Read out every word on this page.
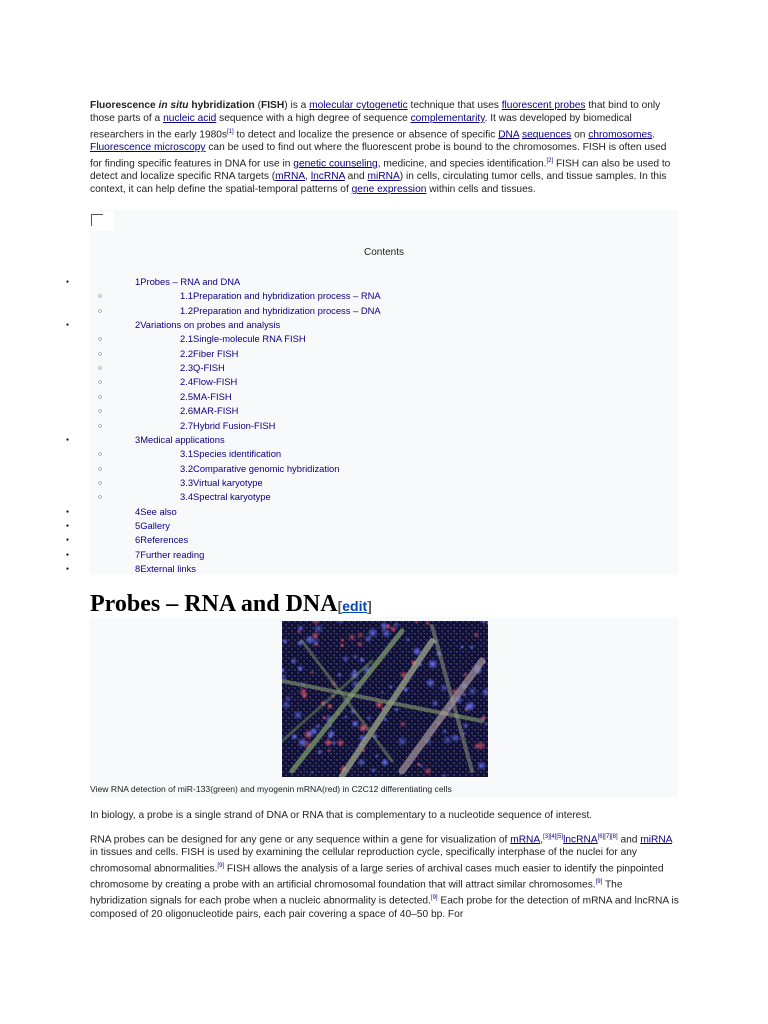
Fluorescence in situ hybridization (FISH) is a molecular cytogenetic technique that uses fluorescent probes that bind to only those parts of a nucleic acid sequence with a high degree of sequence complementarity. It was developed by biomedical researchers in the early 1980s[1] to detect and localize the presence or absence of specific DNA sequences on chromosomes. Fluorescence microscopy can be used to find out where the fluorescent probe is bound to the chromosomes. FISH is often used for finding specific features in DNA for use in genetic counseling, medicine, and species identification.[2] FISH can also be used to detect and localize specific RNA targets (mRNA, lncRNA and miRNA) in cells, circulating tumor cells, and tissue samples. In this context, it can help define the spatial-temporal patterns of gene expression within cells and tissues.

Contents
●
1Probes – RNA and DNA
○
1.1Preparation and hybridization process – RNA
○
1.2Preparation and hybridization process – DNA
●
2Variations on probes and analysis
○
2.1Single-molecule RNA FISH
○
2.2Fiber FISH
○
2.3Q-FISH
○
2.4Flow-FISH
○
2.5MA-FISH
○
2.6MAR-FISH
○
2.7Hybrid Fusion-FISH
●
3Medical applications
○
3.1Species identification
○
3.2Comparative genomic hybridization
○
3.3Virtual karyotype
○
3.4Spectral karyotype
●
4See also
●
5Gallery
●
6References
●
7Further reading
●
8External links
Probes – RNA and DNA[edit]
View RNA detection of miR-133(green) and myogenin mRNA(red) in C2C12 differentiating cells

In biology, a probe is a single strand of DNA or RNA that is complementary to a nucleotide sequence of interest.

RNA probes can be designed for any gene or any sequence within a gene for visualization of mRNA,[3][4][5]lncRNA[6][7][8] and miRNA in tissues and cells. FISH is used by examining the cellular reproduction cycle, specifically interphase of the nuclei for any chromosomal abnormalities.[9] FISH allows the analysis of a large series of archival cases much easier to identify the pinpointed chromosome by creating a probe with an artificial chromosomal foundation that will attract similar chromosomes.[9] The hybridization signals for each probe when a nucleic abnormality is detected.[9] Each probe for the detection of mRNA and lncRNA is composed of 20 oligonucleotide pairs, each pair covering a space of 40–50 bp. For
